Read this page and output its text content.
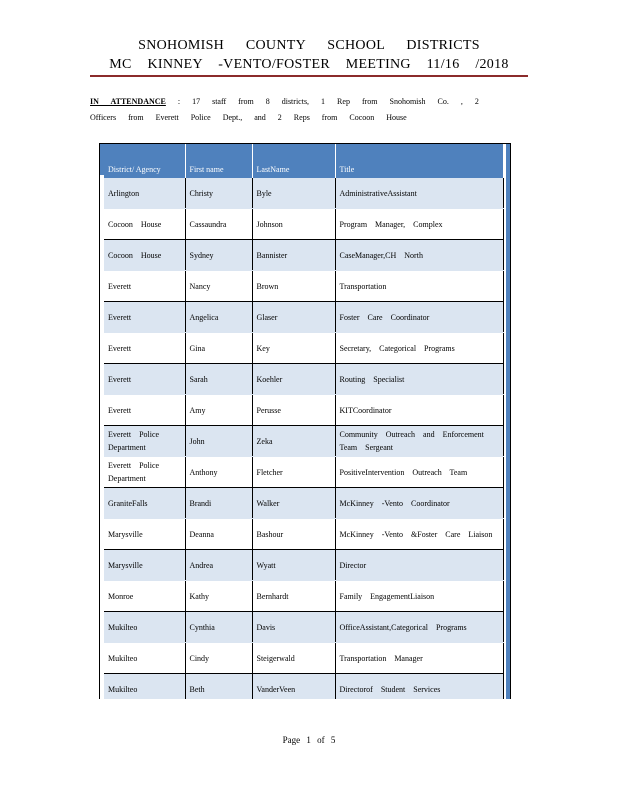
SNOHOMISH COUNTY SCHOOL DISTRICTS
MC KINNEY -VENTO/FOSTER MEETING 11/16 /2018
IN ATTENDANCE : 17 staff from 8 districts, 1 Rep from Snohomish Co. , 2 Officers from Everett Police Dept., and 2 Reps from Cocoon House
District/ Agency	First name	LastName	Title
Arlington	Christy	Byle	AdministrativeAssistant
Cocoon House	Cassaundra	Johnson	Program Manager, Complex
Cocoon House	Sydney	Bannister	CaseManager,CH North
Everett	Nancy	Brown	Transportation
Everett	Angelica	Glaser	Foster Care Coordinator
Everett	Gina	Key	Secretary, Categorical Programs
Everett	Sarah	Koehler	Routing Specialist
Everett	Amy	Perusse	KITCoordinator
Everett Police Department	John	Zeka	Community Outreach and Enforcement Team Sergeant
Everett Police Department	Anthony	Fletcher	PositiveIntervention Outreach Team
GraniteFalls	Brandi	Walker	McKinney -Vento Coordinator
Marysville	Deanna	Bashour	McKinney -Vento &Foster Care Liaison
Marysville	Andrea	Wyatt	Director
Monroe	Kathy	Bernhardt	Family EngagementLiaison
Mukilteo	Cynthia	Davis	OfficeAssistant,Categorical Programs
Mukilteo	Cindy	Steigerwald	Transportation Manager
Mukilteo	Beth	VanderVeen	Directorof Student Services
Page 1 of 5
